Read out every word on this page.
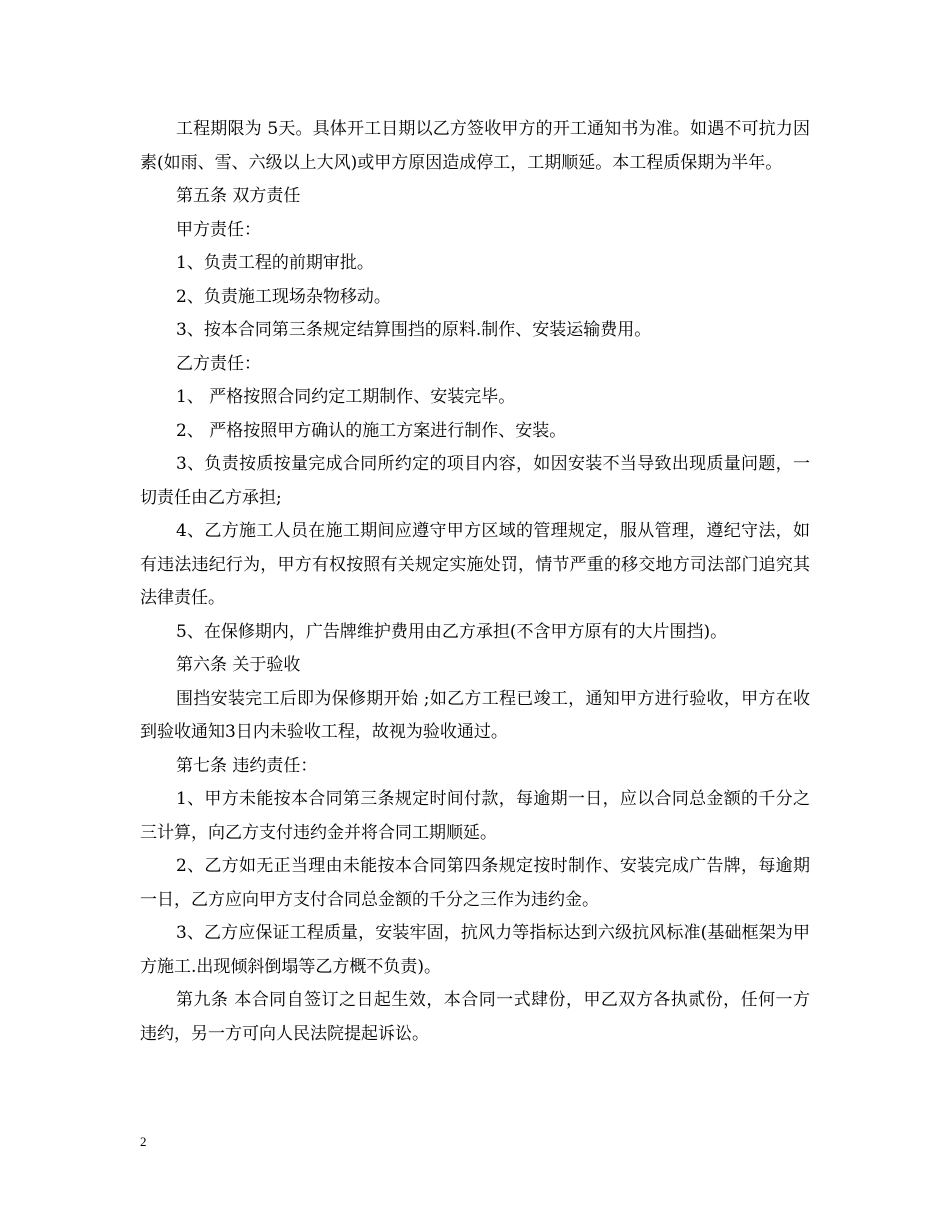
工程期限为 5天。具体开工日期以乙方签收甲方的开工通知书为准。如遇不可抗力因素(如雨、雪、六级以上大风)或甲方原因造成停工，工期顺延。本工程质保期为半年。

第五条 双方责任

甲方责任：

1、负责工程的前期审批。

2、负责施工现场杂物移动。

3、按本合同第三条规定结算围挡的原料.制作、安装运输费用。

乙方责任：

1、 严格按照合同约定工期制作、安装完毕。

2、 严格按照甲方确认的施工方案进行制作、安装。

3、负责按质按量完成合同所约定的项目内容，如因安装不当导致出现质量问题，一切责任由乙方承担;

4、乙方施工人员在施工期间应遵守甲方区域的管理规定，服从管理，遵纪守法，如有违法违纪行为，甲方有权按照有关规定实施处罚，情节严重的移交地方司法部门追究其法律责任。

5、在保修期内，广告牌维护费用由乙方承担(不含甲方原有的大片围挡)。

第六条 关于验收

围挡安装完工后即为保修期开始 ;如乙方工程已竣工，通知甲方进行验收，甲方在收到验收通知3日内未验收工程，故视为验收通过。

第七条 违约责任：

1、甲方未能按本合同第三条规定时间付款，每逾期一日，应以合同总金额的千分之三计算，向乙方支付违约金并将合同工期顺延。

2、乙方如无正当理由未能按本合同第四条规定按时制作、安装完成广告牌，每逾期一日，乙方应向甲方支付合同总金额的千分之三作为违约金。

3、乙方应保证工程质量，安装牢固，抗风力等指标达到六级抗风标准(基础框架为甲方施工.出现倾斜倒塌等乙方概不负责)。

第九条 本合同自签订之日起生效，本合同一式肆份，甲乙双方各执贰份，任何一方违约，另一方可向人民法院提起诉讼。

2
